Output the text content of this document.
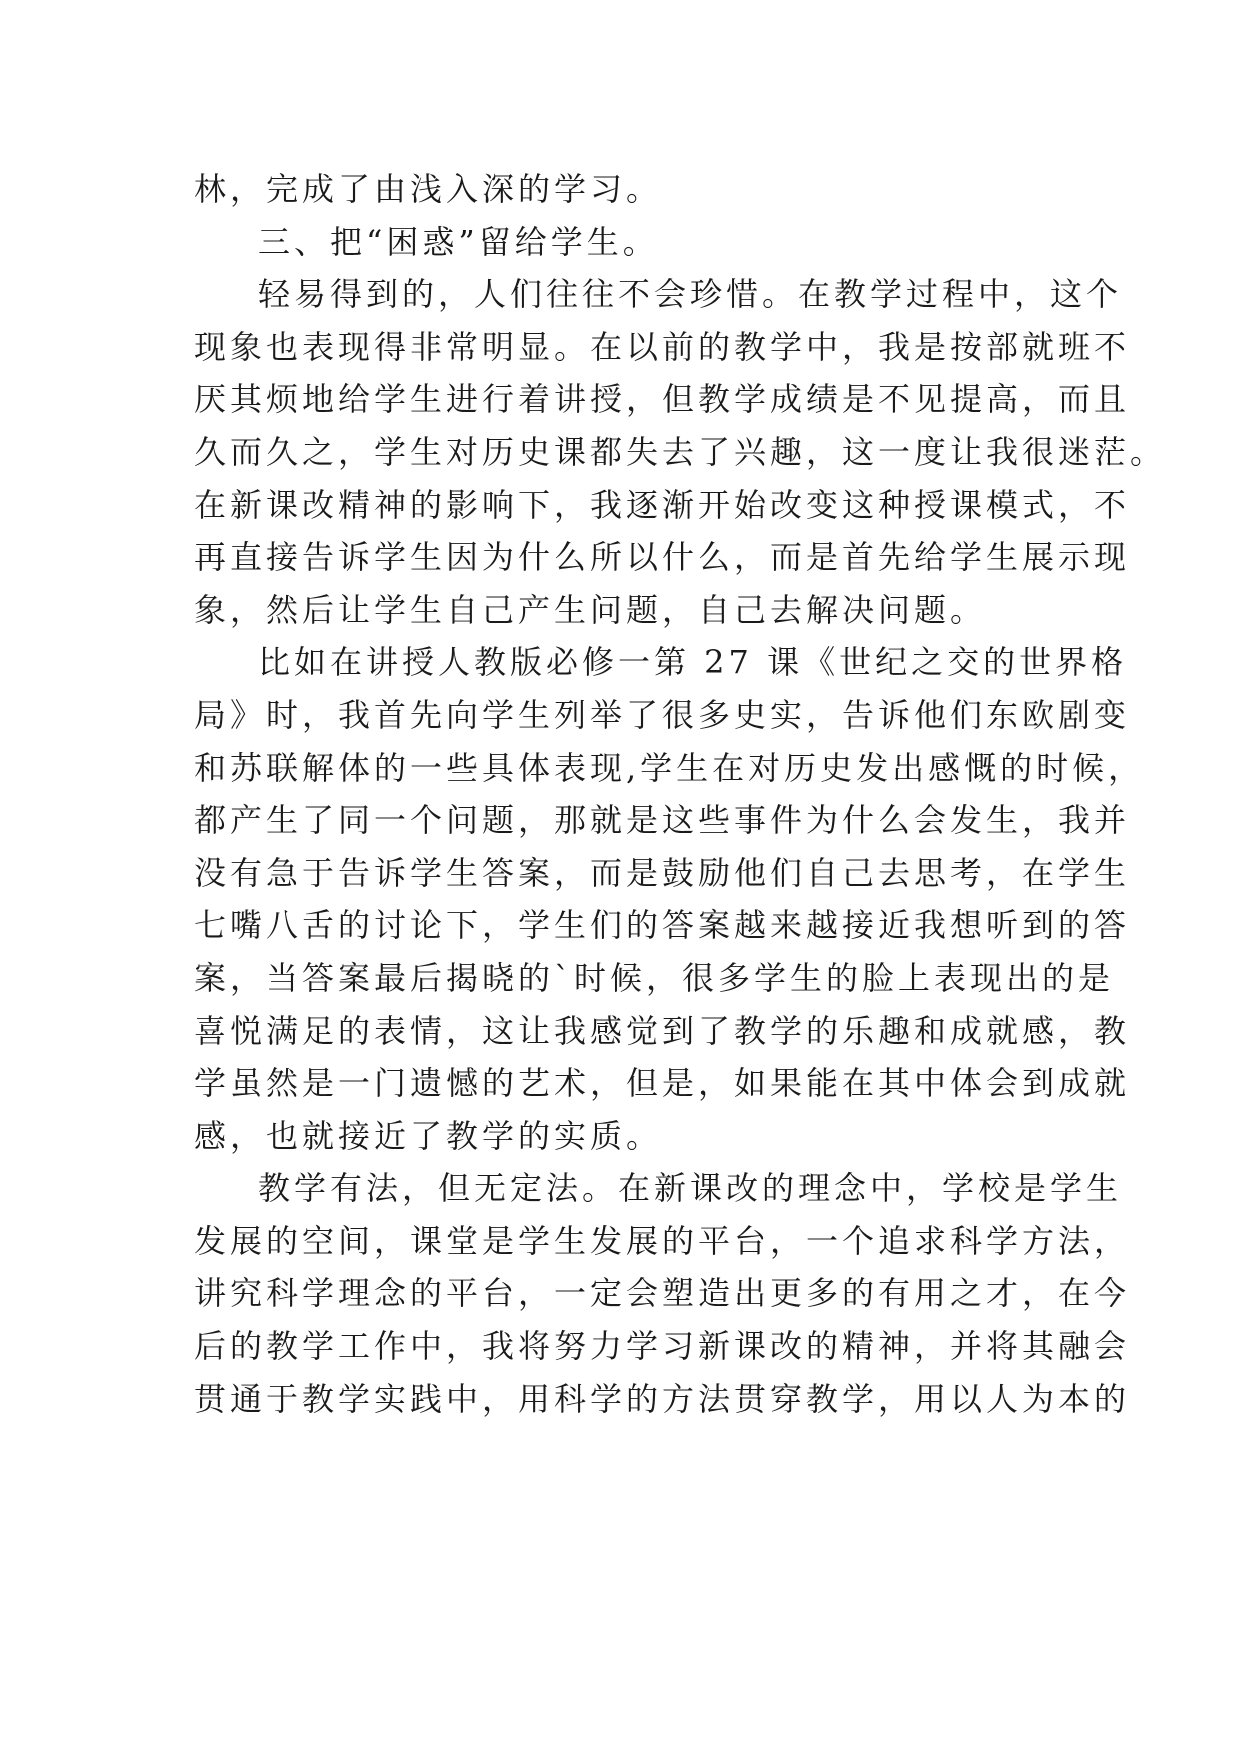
林，完成了由浅入深的学习。
三、把“困惑”留给学生。
轻易得到的，人们往往不会珍惜。在教学过程中，这个
现象也表现得非常明显。在以前的教学中，我是按部就班不
厌其烦地给学生进行着讲授，但教学成绩是不见提高，而且
久而久之，学生对历史课都失去了兴趣，这一度让我很迷茫。
在新课改精神的影响下，我逐渐开始改变这种授课模式，不
再直接告诉学生因为什么所以什么，而是首先给学生展示现
象，然后让学生自己产生问题，自己去解决问题。
比如在讲授人教版必修一第 27 课《世纪之交的世界格
局》时，我首先向学生列举了很多史实，告诉他们东欧剧变
和苏联解体的一些具体表现,学生在对历史发出感慨的时候，
都产生了同一个问题，那就是这些事件为什么会发生，我并
没有急于告诉学生答案，而是鼓励他们自己去思考，在学生
七嘴八舌的讨论下，学生们的答案越来越接近我想听到的答
案，当答案最后揭晓的`时候，很多学生的脸上表现出的是
喜悦满足的表情，这让我感觉到了教学的乐趣和成就感，教
学虽然是一门遗憾的艺术，但是，如果能在其中体会到成就
感，也就接近了教学的实质。
教学有法，但无定法。在新课改的理念中，学校是学生
发展的空间，课堂是学生发展的平台，一个追求科学方法，
讲究科学理念的平台，一定会塑造出更多的有用之才，在今
后的教学工作中，我将努力学习新课改的精神，并将其融会
贯通于教学实践中，用科学的方法贯穿教学，用以人为本的
